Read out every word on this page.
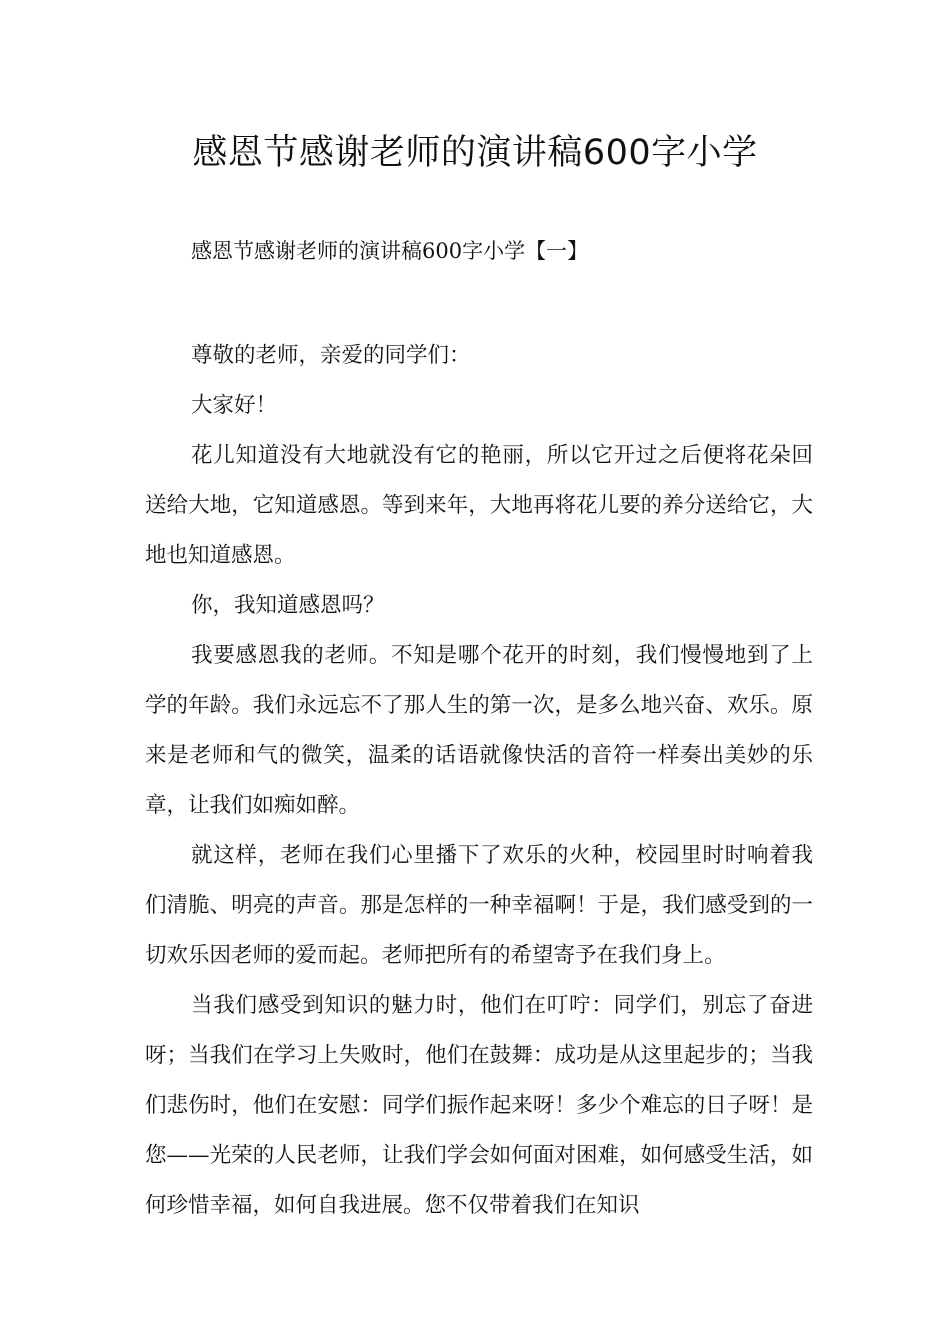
感恩节感谢老师的演讲稿600字小学

感恩节感谢老师的演讲稿600字小学【一】

尊敬的老师，亲爱的同学们：

大家好！

花儿知道没有大地就没有它的艳丽，所以它开过之后便将花朵回送给大地，它知道感恩。等到来年，大地再将花儿要的养分送给它，大地也知道感恩。

你，我知道感恩吗？

我要感恩我的老师。不知是哪个花开的时刻，我们慢慢地到了上学的年龄。我们永远忘不了那人生的第一次，是多么地兴奋、欢乐。原来是老师和气的微笑，温柔的话语就像快活的音符一样奏出美妙的乐章，让我们如痴如醉。

就这样，老师在我们心里播下了欢乐的火种，校园里时时响着我们清脆、明亮的声音。那是怎样的一种幸福啊！于是，我们感受到的一切欢乐因老师的爱而起。老师把所有的希望寄予在我们身上。

当我们感受到知识的魅力时，他们在叮咛：同学们，别忘了奋进呀；当我们在学习上失败时，他们在鼓舞：成功是从这里起步的；当我们悲伤时，他们在安慰：同学们振作起来呀！多少个难忘的日子呀！是您——光荣的人民老师，让我们学会如何面对困难，如何感受生活，如何珍惜幸福，如何自我进展。您不仅带着我们在知识
